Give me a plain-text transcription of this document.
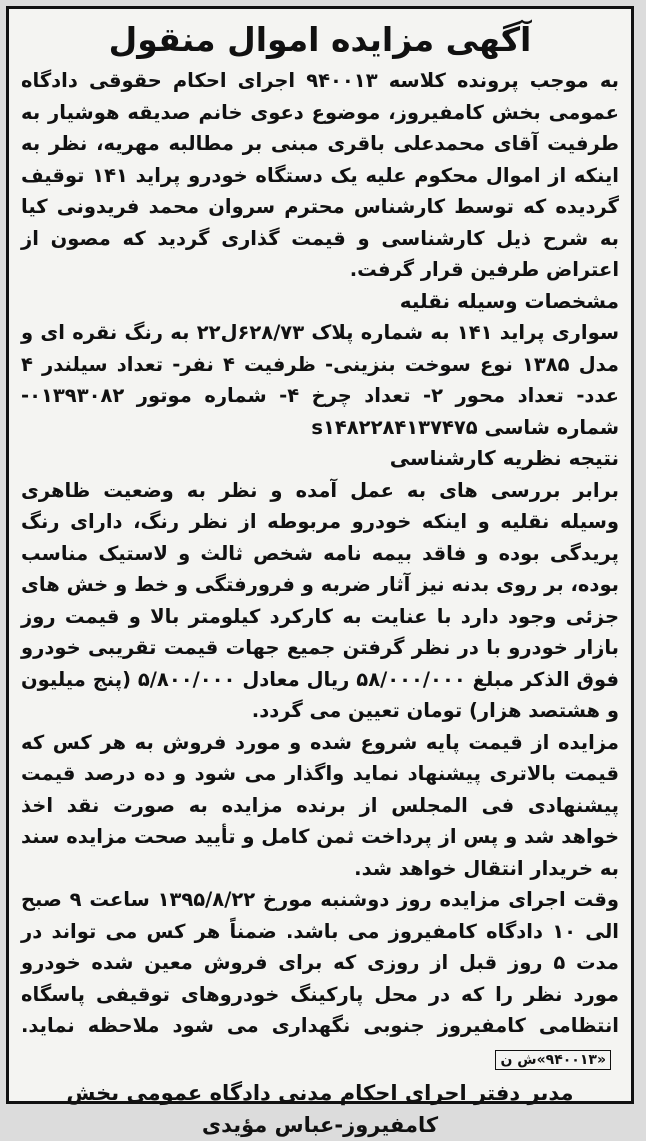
آگهی مزایده اموال منقول

به موجب پرونده کلاسه ۹۴۰۰۱۳ اجرای احکام حقوقی دادگاه عمومی بخش کامفیروز، موضوع دعوی خانم صدیقه هوشیار به طرفیت آقای محمدعلی باقری مبنی بر مطالبه مهریه، نظر به اینکه از اموال محکوم علیه یک دستگاه خودرو پراید ۱۴۱ توقیف گردیده که توسط کارشناس محترم سروان محمد فریدونی کیا به شرح ذیل کارشناسی و قیمت گذاری گردید که مصون از اعتراض طرفین قرار گرفت.

مشخصات وسیله نقلیه

سواری پراید ۱۴۱ به شماره پلاک ۶۲۸/۷۳ل۲۲ به رنگ نقره ای و مدل ۱۳۸۵ نوع سوخت بنزینی- ظرفیت ۴ نفر- تعداد سیلندر ۴ عدد- تعداد محور ۲- تعداد چرخ ۴- شماره موتور ۰۱۳۹۳۰۸۲-شماره شاسی s۱۴۸۲۲۸۴۱۳۷۴۷۵

نتیجه نظریه کارشناسی

برابر بررسی های به عمل آمده و نظر به وضعیت ظاهری وسیله نقلیه و اینکه خودرو مربوطه از نظر رنگ، دارای رنگ پریدگی بوده و فاقد بیمه نامه شخص ثالث و لاستیک مناسب بوده، بر روی بدنه نیز آثار ضربه و فرورفتگی و خط و خش های جزئی وجود دارد با عنایت به کارکرد کیلومتر بالا و قیمت روز بازار خودرو با در نظر گرفتن جمیع جهات قیمت تقریبی خودرو فوق الذکر مبلغ ۵۸/۰۰۰/۰۰۰ ریال معادل ۵/۸۰۰/۰۰۰ (پنج میلیون و هشتصد هزار) تومان تعیین می گردد.

مزایده از قیمت پایه شروع شده و مورد فروش به هر کس که قیمت بالاتری پیشنهاد نماید واگذار می شود و ده درصد قیمت پیشنهادی فی المجلس از برنده مزایده به صورت نقد اخذ خواهد شد و پس از پرداخت ثمن کامل و تأیید صحت مزایده سند به خریدار انتقال خواهد شد.

وقت اجرای مزایده روز دوشنبه مورخ ۱۳۹۵/۸/۲۲ ساعت ۹ صبح الی ۱۰ دادگاه کامفیروز می باشد. ضمناً هر کس می تواند در مدت ۵ روز قبل از روزی که برای فروش معین شده خودرو مورد نظر را که در محل پارکینگ خودروهای توقیفی پاسگاه انتظامی کامفیروز جنوبی نگهداری می شود ملاحظه نماید.«۹۴۰۰۱۳»ش ن

مدیر دفتر اجرای احکام مدنی دادگاه عمومی بخش
کامفیروز-عباس مؤیدی
